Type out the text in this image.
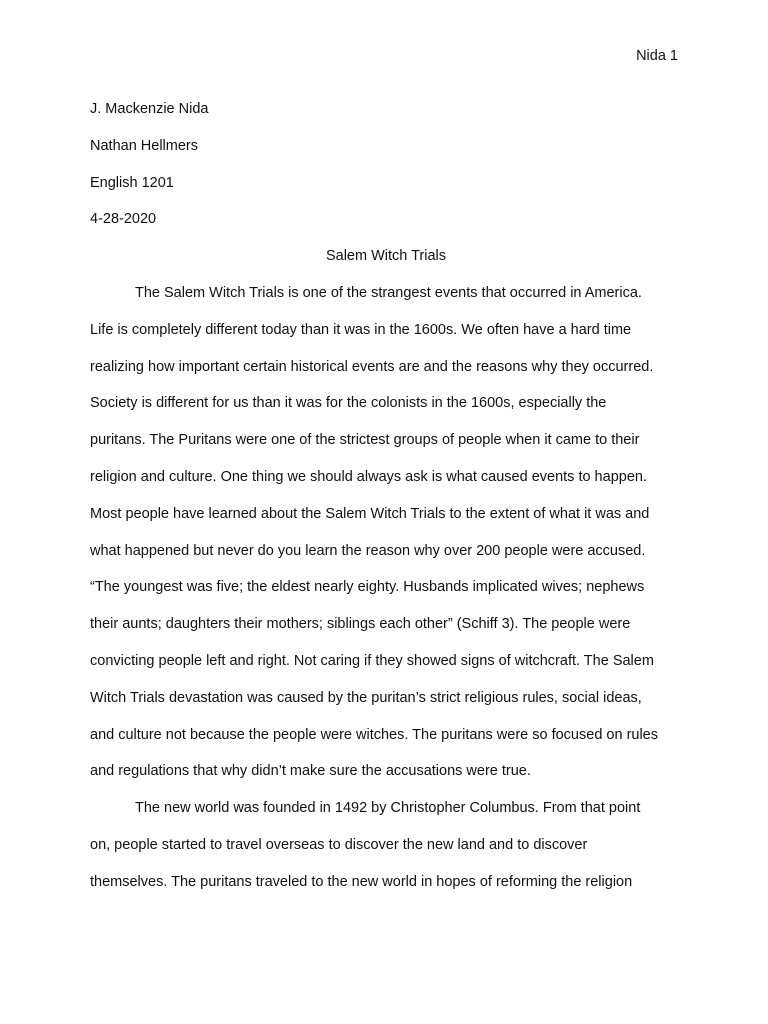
Nida 1
J. Mackenzie Nida
Nathan Hellmers
English 1201
4-28-2020
Salem Witch Trials
The Salem Witch Trials is one of the strangest events that occurred in America.
Life is completely different today than it was in the 1600s. We often have a hard time
realizing how important certain historical events are and the reasons why they occurred.
Society is different for us than it was for the colonists in the 1600s, especially the
puritans. The Puritans were one of the strictest groups of people when it came to their
religion and culture. One thing we should always ask is what caused events to happen.
Most people have learned about the Salem Witch Trials to the extent of what it was and
what happened but never do you learn the reason why over 200 people were accused.
“The youngest was five; the eldest nearly eighty. Husbands implicated wives; nephews
their aunts; daughters their mothers; siblings each other” (Schiff 3). The people were
convicting people left and right. Not caring if they showed signs of witchcraft. The Salem
Witch Trials devastation was caused by the puritan’s strict religious rules, social ideas,
and culture not because the people were witches. The puritans were so focused on rules
and regulations that why didn’t make sure the accusations were true.
The new world was founded in 1492 by Christopher Columbus. From that point
on, people started to travel overseas to discover the new land and to discover
themselves. The puritans traveled to the new world in hopes of reforming the religion
